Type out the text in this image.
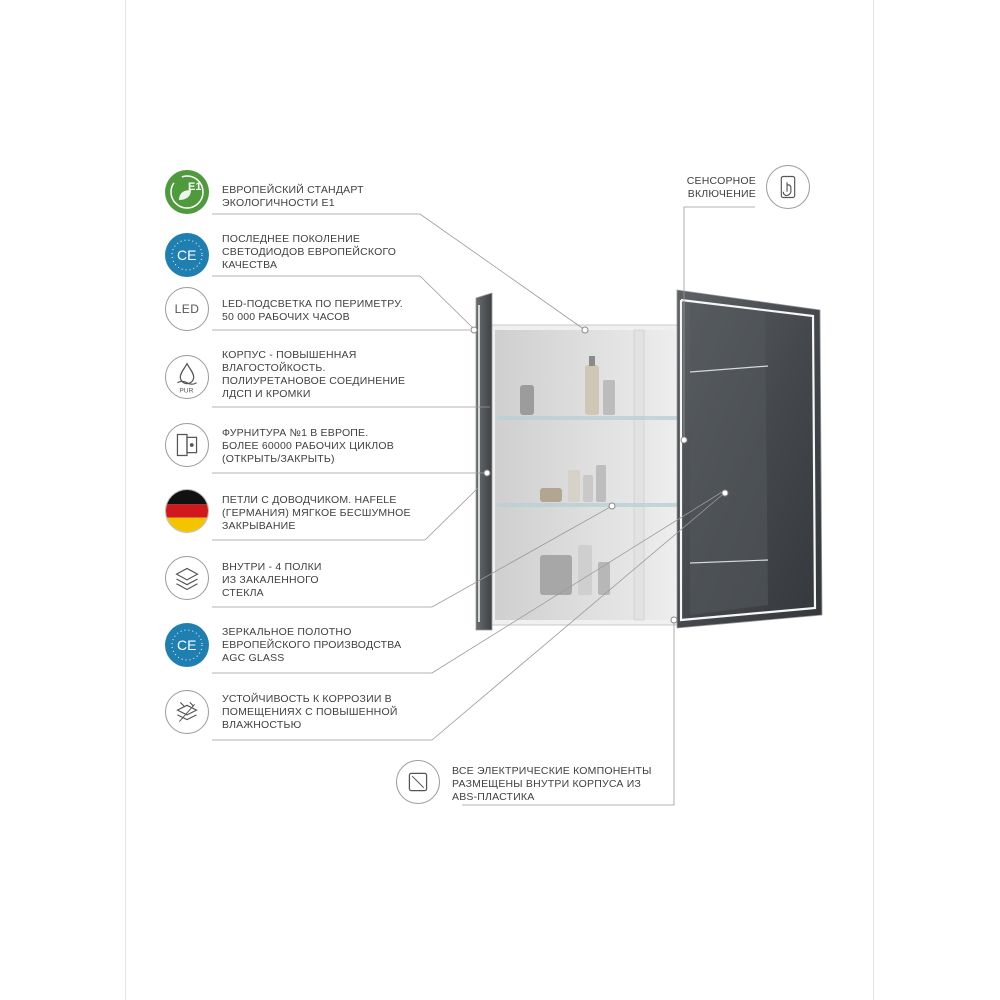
E1
CE
LED
PUR
CE
ЕВРОПЕЙСКИЙ СТАНДАРТ
ЭКОЛОГИЧНОСТИ E1
ПОСЛЕДНЕЕ ПОКОЛЕНИЕ
СВЕТОДИОДОВ ЕВРОПЕЙСКОГО
КАЧЕСТВА
LED-ПОДСВЕТКА ПО ПЕРИМЕТРУ.
50 000 РАБОЧИХ ЧАСОВ
КОРПУС - ПОВЫШЕННАЯ
ВЛАГОСТОЙКОСТЬ.
ПОЛИУРЕТАНОВОЕ СОЕДИНЕНИЕ
ЛДСП И КРОМКИ
ФУРНИТУРА №1 В ЕВРОПЕ.
БОЛЕЕ 60000 РАБОЧИХ ЦИКЛОВ
(ОТКРЫТЬ/ЗАКРЫТЬ)
ПЕТЛИ С ДОВОДЧИКОМ. HAFELE
(ГЕРМАНИЯ) МЯГКОЕ БЕСШУМНОЕ
ЗАКРЫВАНИЕ
ВНУТРИ - 4 ПОЛКИ
ИЗ ЗАКАЛЕННОГО
СТЕКЛА
ЗЕРКАЛЬНОЕ ПОЛОТНО
ЕВРОПЕЙСКОГО ПРОИЗВОДСТВА
AGC GLASS
УСТОЙЧИВОСТЬ К КОРРОЗИИ В
ПОМЕЩЕНИЯХ С ПОВЫШЕННОЙ
ВЛАЖНОСТЬЮ
СЕНСОРНОЕ
ВКЛЮЧЕНИЕ
ВСЕ ЭЛЕКТРИЧЕСКИЕ КОМПОНЕНТЫ
РАЗМЕЩЕНЫ ВНУТРИ КОРПУСА ИЗ
ABS-ПЛАСТИКА
